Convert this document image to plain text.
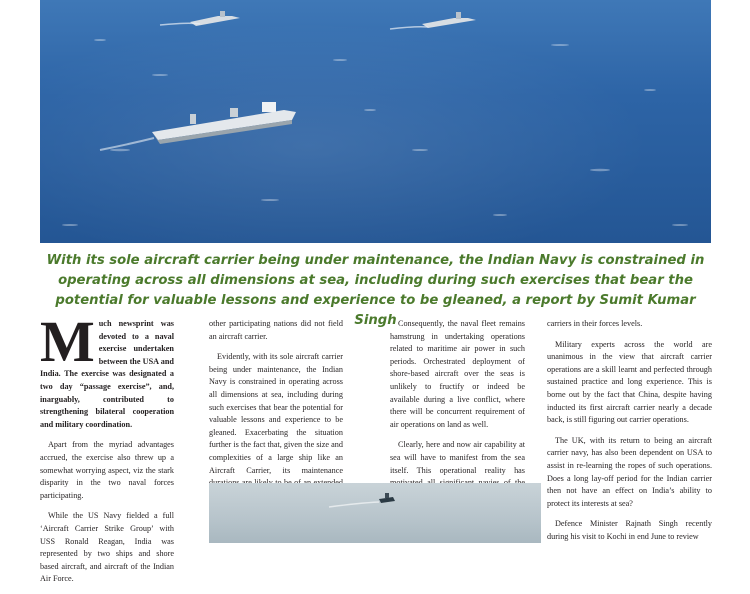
With its sole aircraft carrier being under maintenance, the Indian Navy is constrained in operating across all dimensions at sea, including during such exercises that bear the potential for valuable lessons and experience to be gleaned, a report by Sumit Kumar Singh

Much newsprint was devoted to a naval exercise undertaken between the USA and India. The exercise was designated a two day “passage exercise”, and, inarguably, contributed to strengthening bilateral cooperation and military coordination.

Apart from the myriad advantages accrued, the exercise also threw up a somewhat worrying aspect, viz the stark disparity in the two naval forces participating.

While the US Navy fielded a full ‘Aircraft Carrier Strike Group’ with USS Ronald Reagan, India was represented by two ships and shore based aircraft, and aircraft of the Indian Air Force.

other participating nations did not field an aircraft carrier.

Evidently, with its sole aircraft carrier being under maintenance, the Indian Navy is constrained in operating across all dimensions at sea, including during such exercises that bear the potential for valuable lessons and experience to be gleaned. Exacerbating the situation further is the fact that, given the size and complexities of a large ship like an Aircraft Carrier, its maintenance

Consequently, the naval fleet remains hamstrung in undertaking operations related to maritime air power in such periods. Orchestrated deployment of shore-based aircraft over the seas is unlikely to fructify or indeed be available during a live conflict, where there will be concurrent requirement of air operations on land as well.

Clearly, here and now air capability at sea will have to manifest from the sea itself. This operational reality has

carriers in their forces levels.

Military experts across the world are unanimous in the view that aircraft carrier operations are a skill learnt and perfected through sustained practice and long experience. This is borne out by the fact that China, despite having inducted its first aircraft carrier nearly a decade back, is still figuring out carrier operations.

The UK, with its return to being an aircraft carrier navy, has also been dependent on USA to assist in re-learning the ropes of such operations. Does a long lay-off period for the Indian carrier then not have an effect on India’s ability to protect its interests at sea?

Defence Minister Rajnath Singh recently during his visit to Kochi in end June to review
